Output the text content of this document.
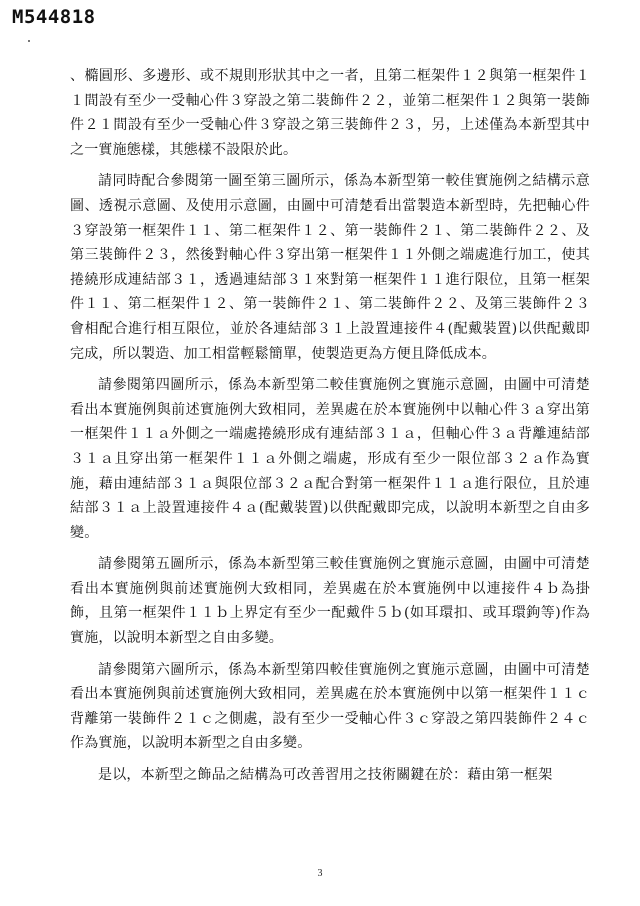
M544818

、橢圓形、多邊形、或不規則形狀其中之一者，且第二框架件１２與第一框架件１１間設有至少一受軸心件３穿設之第二裝飾件２２，並第二框架件１２與第一裝飾件２１間設有至少一受軸心件３穿設之第三裝飾件２３，另，上述僅為本新型其中之一實施態樣，其態樣不設限於此。

請同時配合參閱第一圖至第三圖所示，係為本新型第一較佳實施例之結構示意圖、透視示意圖、及使用示意圖，由圖中可清楚看出當製造本新型時，先把軸心件３穿設第一框架件１１、第二框架件１２、第一裝飾件２１、第二裝飾件２２、及第三裝飾件２３，然後對軸心件３穿出第一框架件１１外側之端處進行加工，使其捲繞形成連結部３１，透過連結部３１來對第一框架件１１進行限位，且第一框架件１１、第二框架件１２、第一裝飾件２１、第二裝飾件２２、及第三裝飾件２３會相配合進行相互限位，並於各連結部３１上設置連接件４(配戴裝置)以供配戴即完成，所以製造、加工相當輕鬆簡單，使製造更為方便且降低成本。

請參閱第四圖所示，係為本新型第二較佳實施例之實施示意圖，由圖中可清楚看出本實施例與前述實施例大致相同，差異處在於本實施例中以軸心件３ａ穿出第一框架件１１ａ外側之一端處捲繞形成有連結部３１ａ，但軸心件３ａ背離連結部３１ａ且穿出第一框架件１１ａ外側之端處，形成有至少一限位部３２ａ作為實施，藉由連結部３１ａ與限位部３２ａ配合對第一框架件１１ａ進行限位，且於連結部３１ａ上設置連接件４ａ(配戴裝置)以供配戴即完成，以說明本新型之自由多變。

請參閱第五圖所示，係為本新型第三較佳實施例之實施示意圖，由圖中可清楚看出本實施例與前述實施例大致相同，差異處在於本實施例中以連接件４ｂ為掛飾，且第一框架件１１ｂ上界定有至少一配戴件５ｂ(如耳環扣、或耳環鉤等)作為實施，以說明本新型之自由多變。

請參閱第六圖所示，係為本新型第四較佳實施例之實施示意圖，由圖中可清楚看出本實施例與前述實施例大致相同，差異處在於本實施例中以第一框架件１１ｃ背離第一裝飾件２１ｃ之側處，設有至少一受軸心件３ｃ穿設之第四裝飾件２４ｃ作為實施，以說明本新型之自由多變。

是以，本新型之飾品之結構為可改善習用之技術關鍵在於：藉由第一框架

3
